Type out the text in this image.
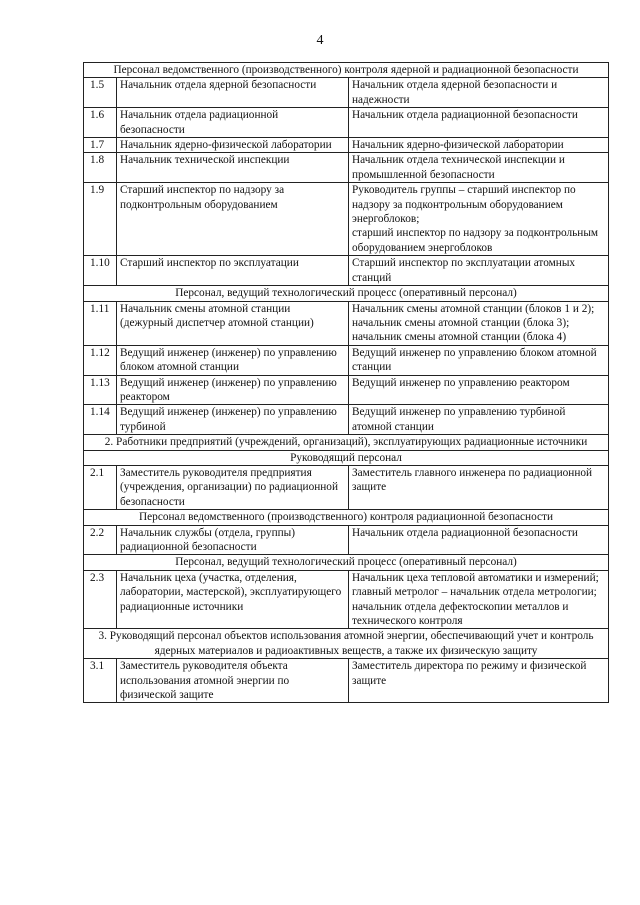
4
Персонал ведомственного (производственного) контроля ядерной и радиационной безопасности		
1.5	Начальник отдела ядерной безопасности	Начальник отдела ядерной безопасности и надежности
1.6	Начальник отдела радиационной безопасности	Начальник отдела радиационной безопасности
1.7	Начальник ядерно-физической лаборатории	Начальник ядерно-физической лаборатории
1.8	Начальник технической инспекции	Начальник отдела технической инспекции и промышленной безопасности
1.9	Старший инспектор по надзору за подконтрольным оборудованием	Руководитель группы – старший инспектор по надзору за подконтрольным оборудованием энергоблоков;
старший инспектор по надзору за подконтрольным оборудованием энергоблоков
1.10	Старший инспектор по эксплуатации	Старший инспектор по эксплуатации атомных станций
Персонал, ведущий технологический процесс (оперативный персонал)		
1.11	Начальник смены атомной станции (дежурный диспетчер атомной станции)	Начальник смены атомной станции (блоков 1 и 2);
начальник смены атомной станции (блока 3);
начальник смены атомной станции (блока 4)
1.12	Ведущий инженер (инженер) по управлению блоком атомной станции	Ведущий инженер по управлению блоком атомной станции
1.13	Ведущий инженер (инженер) по управлению реактором	Ведущий инженер по управлению реактором
1.14	Ведущий инженер (инженер) по управлению турбиной	Ведущий инженер по управлению турбиной атомной станции
2. Работники предприятий (учреждений, организаций), эксплуатирующих радиационные источники		
Руководящий персонал		
2.1	Заместитель руководителя предприятия (учреждения, организации) по радиационной безопасности	Заместитель главного инженера по радиационной защите
Персонал ведомственного (производственного) контроля радиационной безопасности		
2.2	Начальник службы (отдела, группы) радиационной безопасности	Начальник отдела радиационной безопасности
Персонал, ведущий технологический процесс (оперативный персонал)		
2.3	Начальник цеха (участка, отделения, лаборатории, мастерской), эксплуатирующего радиационные источники	Начальник цеха тепловой автоматики и измерений;
главный метролог – начальник отдела метрологии;
начальник отдела дефектоскопии металлов и технического контроля
3. Руководящий персонал объектов использования атомной энергии, обеспечивающий учет и контроль ядерных материалов и радиоактивных веществ, а также их физическую защиту		
3.1	Заместитель руководителя объекта использования атомной энергии по физической защите	Заместитель директора по режиму и физической защите
